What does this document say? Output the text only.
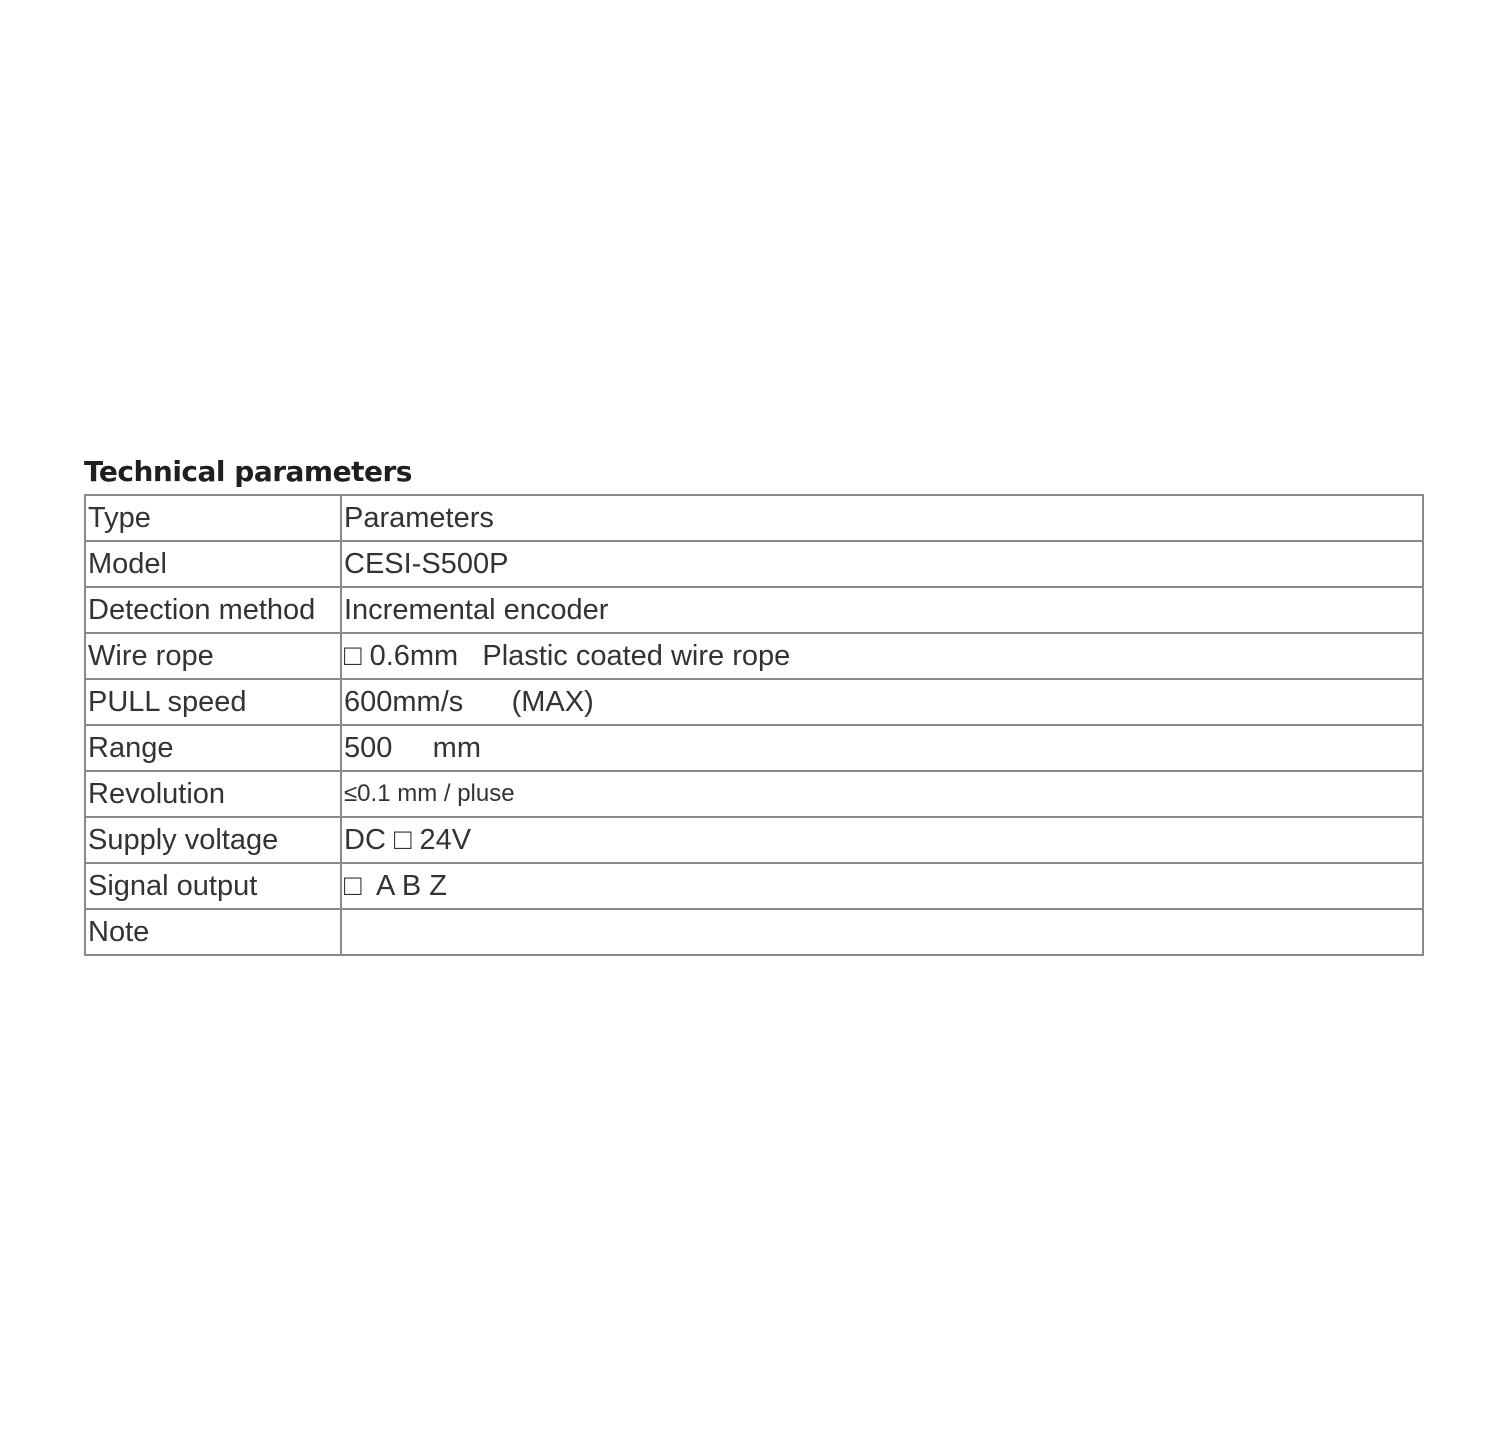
Technical parameters
Type	Parameters
Model	CESI-S500P
Detection method	Incremental encoder
Wire rope	□ 0.6mm   Plastic coated wire rope
PULL speed	600mm/s      (MAX)
Range	500     mm
Revolution	≤0.1 mm / pluse
Supply voltage	DC □ 24V
Signal output	□  A B Z
Note	
